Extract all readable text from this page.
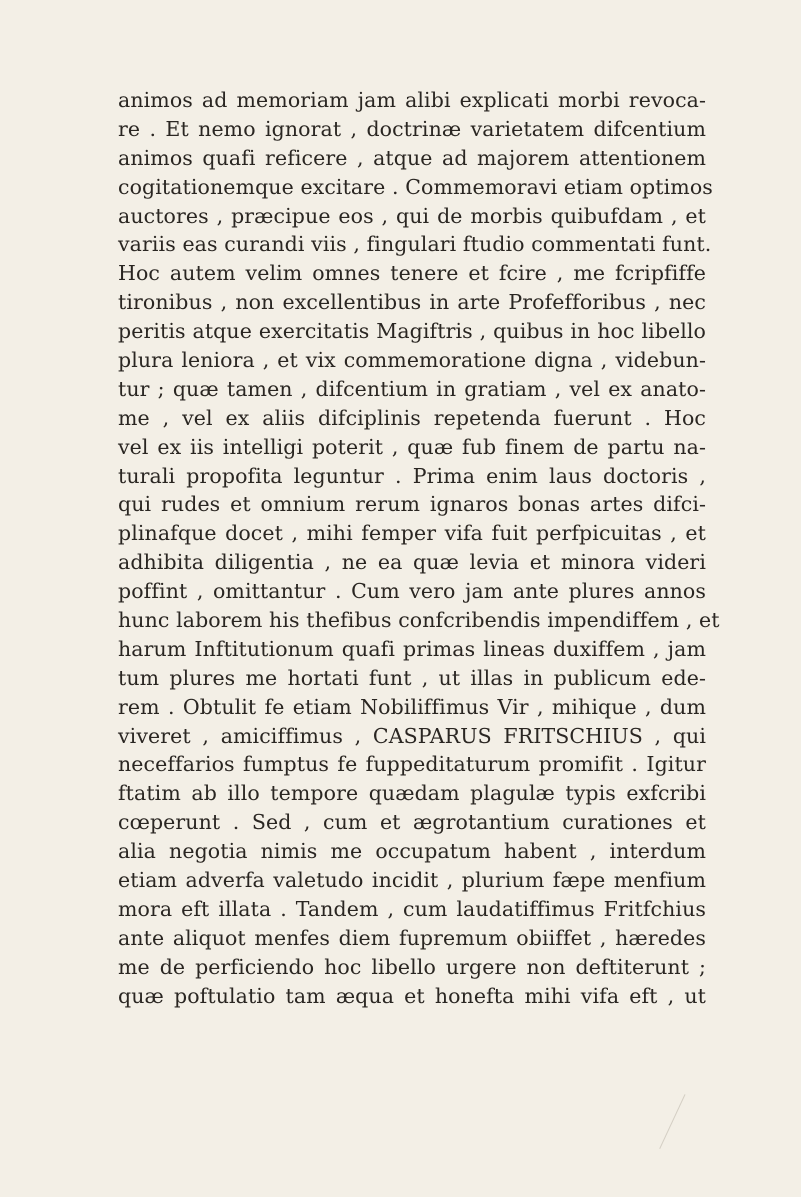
animos ad memoriam jam alibi explicati morbi revoca-
re . Et nemo ignorat , doctrinæ varietatem difcentium
animos quafi reficere , atque ad majorem attentionem
cogitationemque excitare . Commemoravi etiam optimos
auctores , præcipue eos , qui de morbis quibufdam , et
variis eas curandi viis , fingulari ftudio commentati funt.
Hoc autem velim omnes tenere et fcire , me fcripfiffe
tironibus , non excellentibus in arte Profefforibus , nec
peritis atque exercitatis Magiftris , quibus in hoc libello
plura leniora , et vix commemoratione digna , videbun-
tur ; quæ tamen , difcentium in gratiam , vel ex anato-
me , vel ex aliis difciplinis repetenda fuerunt . Hoc
vel ex iis intelligi poterit , quæ fub finem de partu na-
turali propofita leguntur . Prima enim laus doctoris ,
qui rudes et omnium rerum ignaros bonas artes difci-
plinafque docet , mihi femper vifa fuit perfpicuitas , et
adhibita diligentia , ne ea quæ levia et minora videri
poffint , omittantur . Cum vero jam ante plures annos
hunc laborem his thefibus confcribendis impendiffem , et
harum Inftitutionum quafi primas lineas duxiffem , jam
tum plures me hortati funt , ut illas in publicum ede-
rem . Obtulit fe etiam Nobiliffimus Vir , mihique , dum
viveret , amiciffimus , CASPARUS FRITSCHIUS , qui
neceffarios fumptus fe fuppeditaturum promifit . Igitur
ftatim ab illo tempore quædam plagulæ typis exfcribi
cœperunt . Sed , cum et ægrotantium curationes et
alia negotia nimis me occupatum habent , interdum
etiam adverfa valetudo incidit , plurium fæpe menfium
mora eft illata . Tandem , cum laudatiffimus Fritfchius
ante aliquot menfes diem fupremum obiiffet , hæredes
me de perficiendo hoc libello urgere non deftiterunt ;
quæ poftulatio tam æqua et honefta mihi vifa eft , ut
